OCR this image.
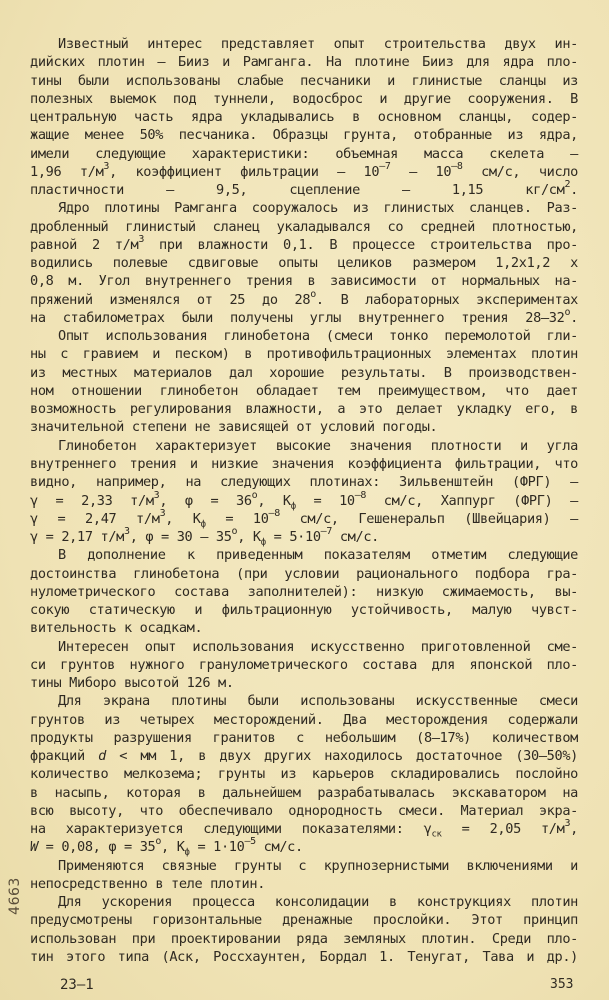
Известный интерес представляет опыт строительства двух ин-
дийских плотин – Бииз и Рамганга. На плотине Бииз для ядра пло-
тины были использованы слабые песчаники и глинистые сланцы из
полезных выемок под туннели, водосброс и другие сооружения. В
центральную часть ядра укладывались в основном сланцы, содер-
жащие менее 50% песчаника. Образцы грунта, отобранные из ядра,
имели следующие характеристики: объемная масса скелета –
1,96 $т/м^3$, коэффициент фильтрации – $10^{-7} - 10^{-8}$ см/с, число
пластичности – 9,5, сцепление – 1,15 $кг/см^2$.
Ядро плотины Рамганга сооружалось из глинистых сланцев. Раз-
дробленный глинистый сланец укаладывался со средней плотностью,
равной 2 $т/м^3$ при влажности 0,1. В процессе строительства про-
водились полевые сдвиговые опыты целиков размером 1,2х1,2 х
0,8 м. Угол внутреннего трения в зависимости от нормальных на-
пряжений изменялся от 25 до $28^о$. В лабораторных экспериментах
на стабилометрах были получены углы внутреннего трения $28-32^о$.
Опыт использования глинобетона (смеси тонко перемолотой гли-
ны с гравием и песком) в противофильтрационных элементах плотин
из местных материалов дал хорошие результаты. В производствен-
ном отношении глинобетон обладает тем преимуществом, что дает
возможность регулирования влажности, а это делает укладку его, в
значительной степени не зависящей от условий погоды.
Глинобетон характеризует высокие значения плотности и угла
внутреннего трения и низкие значения коэффициента фильтрации, что
видно, например, на следующих плотинах: Зильвенштейн (ФРГ) –
γ = 2,33 $т/м^3$, $\varphi = 36^о$, $К_ф = 10^{-8}$ см/с, Хаппург (ФРГ) –
γ = 2,47 $т/м^3$, $К_ф = 10^{-8}$ см/с, Гешенеральп (Швейцария) –
γ = 2,17 $т/м^3$, $\varphi = 30 - 35^о$, $К_ф = 5\cdot 10^{-7}$ см/с.
В дополнение к приведенным показателям отметим следующие
достоинства глинобетона (при условии рационального подбора гра-
нулометрического состава заполнителей): низкую сжимаемость, вы-
сокую статическую и фильтрационную устойчивость, малую чувст-
вительность к осадкам.
Интересен опыт использования искусственно приготовленной сме-
си грунтов нужного гранулометрического состава для японской пло-
тины Миборо высотой 126 м.
Для экрана плотины были использованы искусственные смеси
грунтов из четырех месторождений. Два месторождения содержали
продукты разрушения гранитов с небольшим (8–17%) количеством
фракций d < мм 1, в двух других находилось достаточное (30–50%)
количество мелкозема; грунты из карьеров складировались послойно
в насыпь, которая в дальнейшем разрабатывалась экскаватором на
всю высоту, что обеспечивало однородность смеси. Материал экра-
на характеризуется следующими показателями: $\gamma_{ск} = 2,05$ $т/м^3$,
W = 0,08, $\varphi = 35^о$, $К_ф = 1\cdot 10^{-5}$ см/с.
Применяются связные грунты с крупнозернистыми включениями и
непосредственно в теле плотин.
Для ускорения процесса консолидации в конструкциях плотин
предусмотрены горизонтальные дренажные прослойки. Этот принцип
использован при проектировании ряда земляных плотин. Среди пло-
тин этого типа (Аск, Россхаунтен, Бордал 1. Тенугат, Тава и др.)
4663
23–1	353
